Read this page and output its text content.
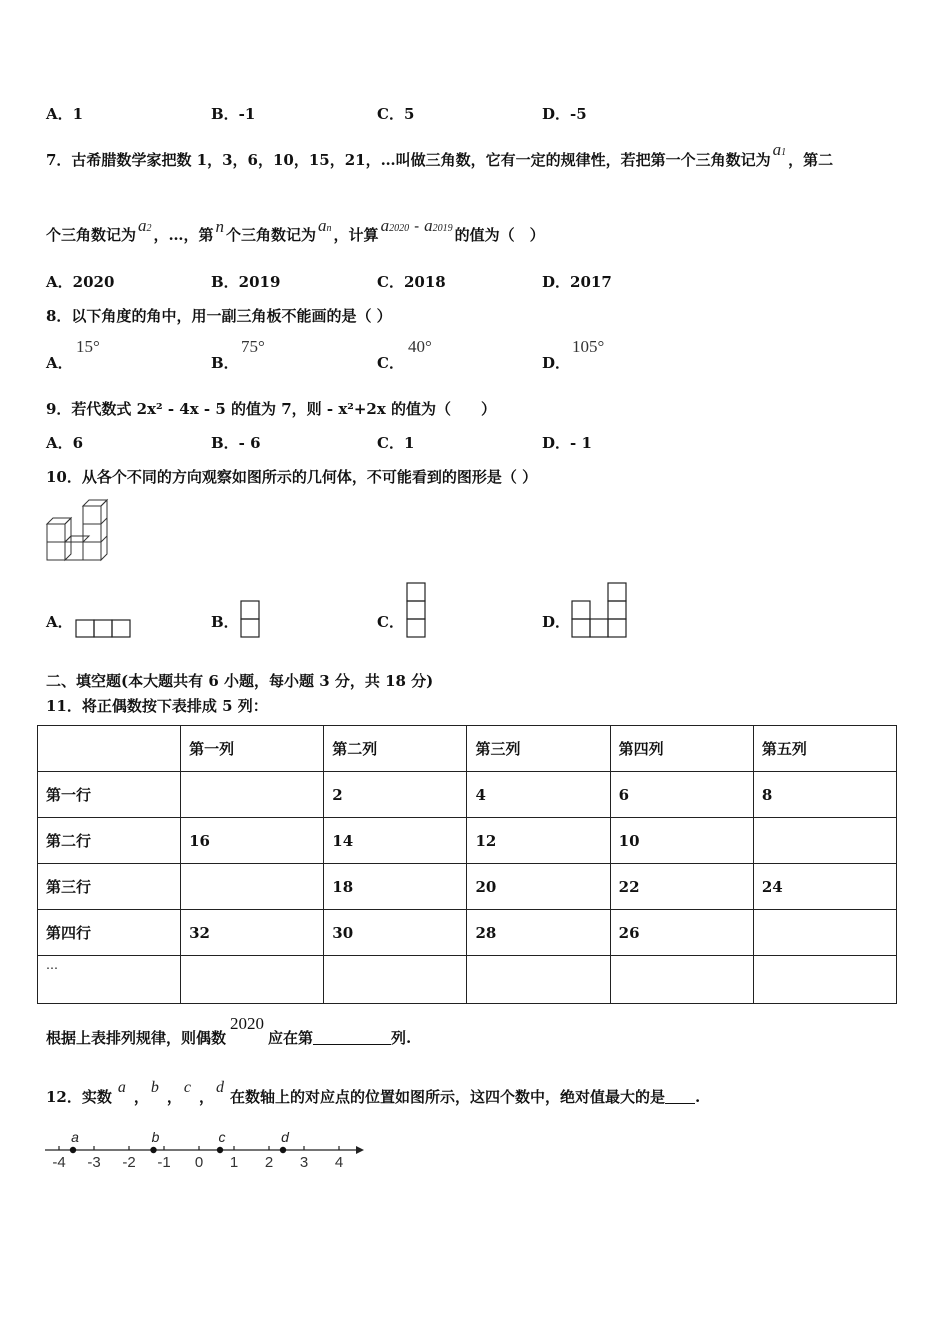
A．1	B．-1	C．5	D．-5
7．古希腊数学家把数 1，3，6，10，15，21，…叫做三角数，它有一定的规律性，若把第一个三角数记为a1 ，第二
个三角数记为 a2 ，…，第 n 个三角数记为 an ，计算 a2020 - a2019 的值为（　）
A．2020	B．2019	C．2018	D．2017
8．以下角度的角中，用一副三角板不能画的是（ ）
A．
15°
B．
75°
C．
40°
D．
105°
9．若代数式 2x² - 4x - 5 的值为 7，则 - x²+2x 的值为（　　）
A．6	B．- 6	C．1	D．- 1
10．从各个不同的方向观察如图所示的几何体，不可能看到的图形是（ ）
A．	B．	C．	D．
二、填空题(本大题共有 6 小题，每小题 3 分，共 18 分)
11．将正偶数按下表排成 5 列：
	第一列	第二列	第三列	第四列	第五列
第一行		2	4	6	8
第二行	16	14	12	10	
第三行		18	20	22	24
第四行	32	30	28	26	
…					
根据上表排列规律，则偶数2020应在第	列.
12．实数a，b，c，d在数轴上的对应点的位置如图所示，这四个数中，绝对值最大的是 .
-4 -3 -2 -1 0 1 2 3 4
a	b	c	d
